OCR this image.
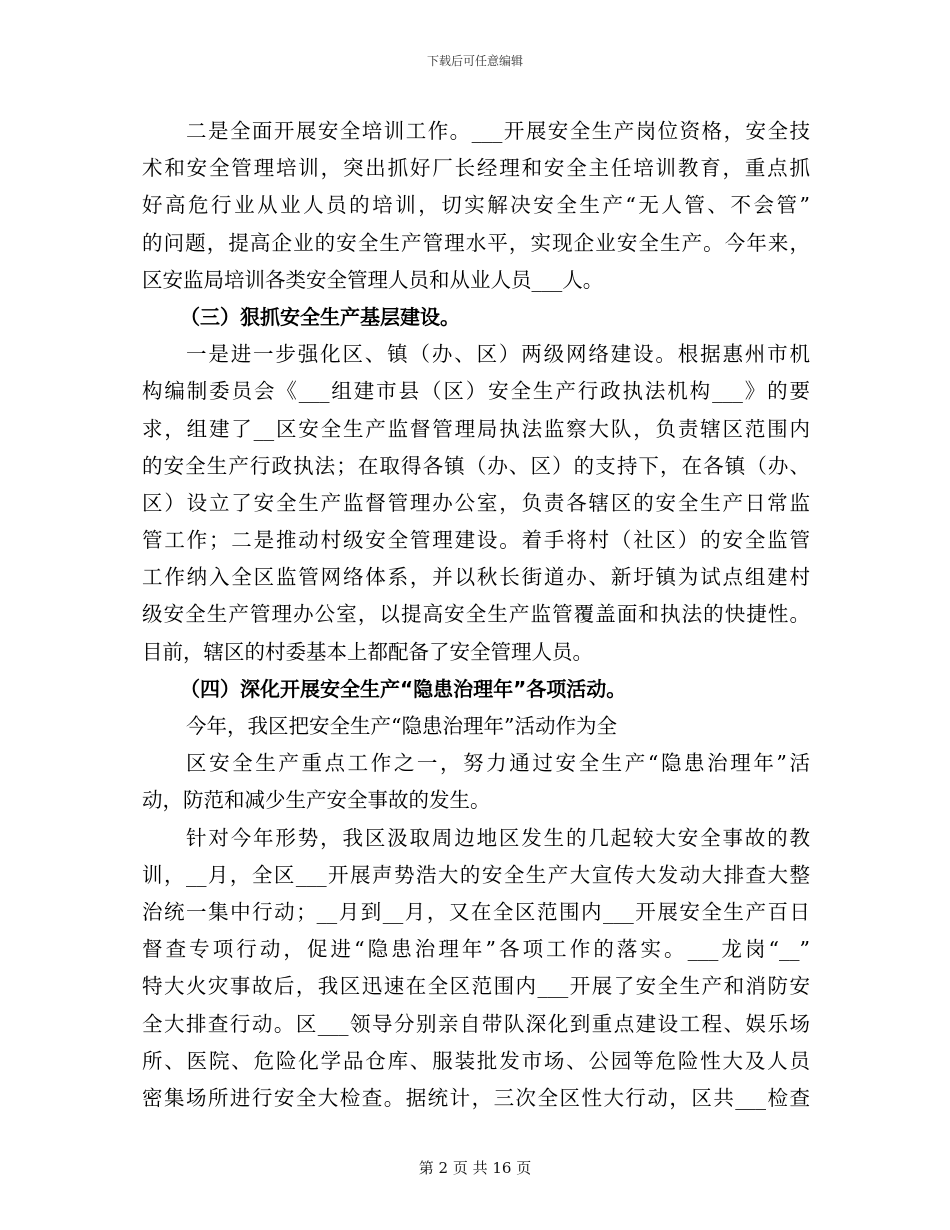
下载后可任意编辑
二是全面开展安全培训工作。___开展安全生产岗位资格，安全技
术和安全管理培训，突出抓好厂长经理和安全主任培训教育，重点抓
好高危行业从业人员的培训，切实解决安全生产“无人管、不会管”
的问题，提高企业的安全生产管理水平，实现企业安全生产。今年来，
区安监局培训各类安全管理人员和从业人员___人。
（三）狠抓安全生产基层建设。
一是进一步强化区、镇（办、区）两级网络建设。根据惠州市机
构编制委员会《___组建市县（区）安全生产行政执法机构___》的要
求，组建了__区安全生产监督管理局执法监察大队，负责辖区范围内
的安全生产行政执法；在取得各镇（办、区）的支持下，在各镇（办、
区）设立了安全生产监督管理办公室，负责各辖区的安全生产日常监
管工作；二是推动村级安全管理建设。着手将村（社区）的安全监管
工作纳入全区监管网络体系，并以秋长街道办、新圩镇为试点组建村
级安全生产管理办公室，以提高安全生产监管覆盖面和执法的快捷性。
目前，辖区的村委基本上都配备了安全管理人员。
（四）深化开展安全生产“隐患治理年”各项活动。
今年，我区把安全生产“隐患治理年”活动作为全
区安全生产重点工作之一，努力通过安全生产“隐患治理年”活
动，防范和减少生产安全事故的发生。
针对今年形势，我区汲取周边地区发生的几起较大安全事故的教
训，__月，全区___开展声势浩大的安全生产大宣传大发动大排查大整
治统一集中行动；__月到__月，又在全区范围内___开展安全生产百日
督查专项行动，促进“隐患治理年”各项工作的落实。___龙岗“__”
特大火灾事故后，我区迅速在全区范围内___开展了安全生产和消防安
全大排查行动。区___领导分别亲自带队深化到重点建设工程、娱乐场
所、医院、危险化学品仓库、服装批发市场、公园等危险性大及人员
密集场所进行安全大检查。据统计，三次全区性大行动，区共___检查
第 2 页 共 16 页
